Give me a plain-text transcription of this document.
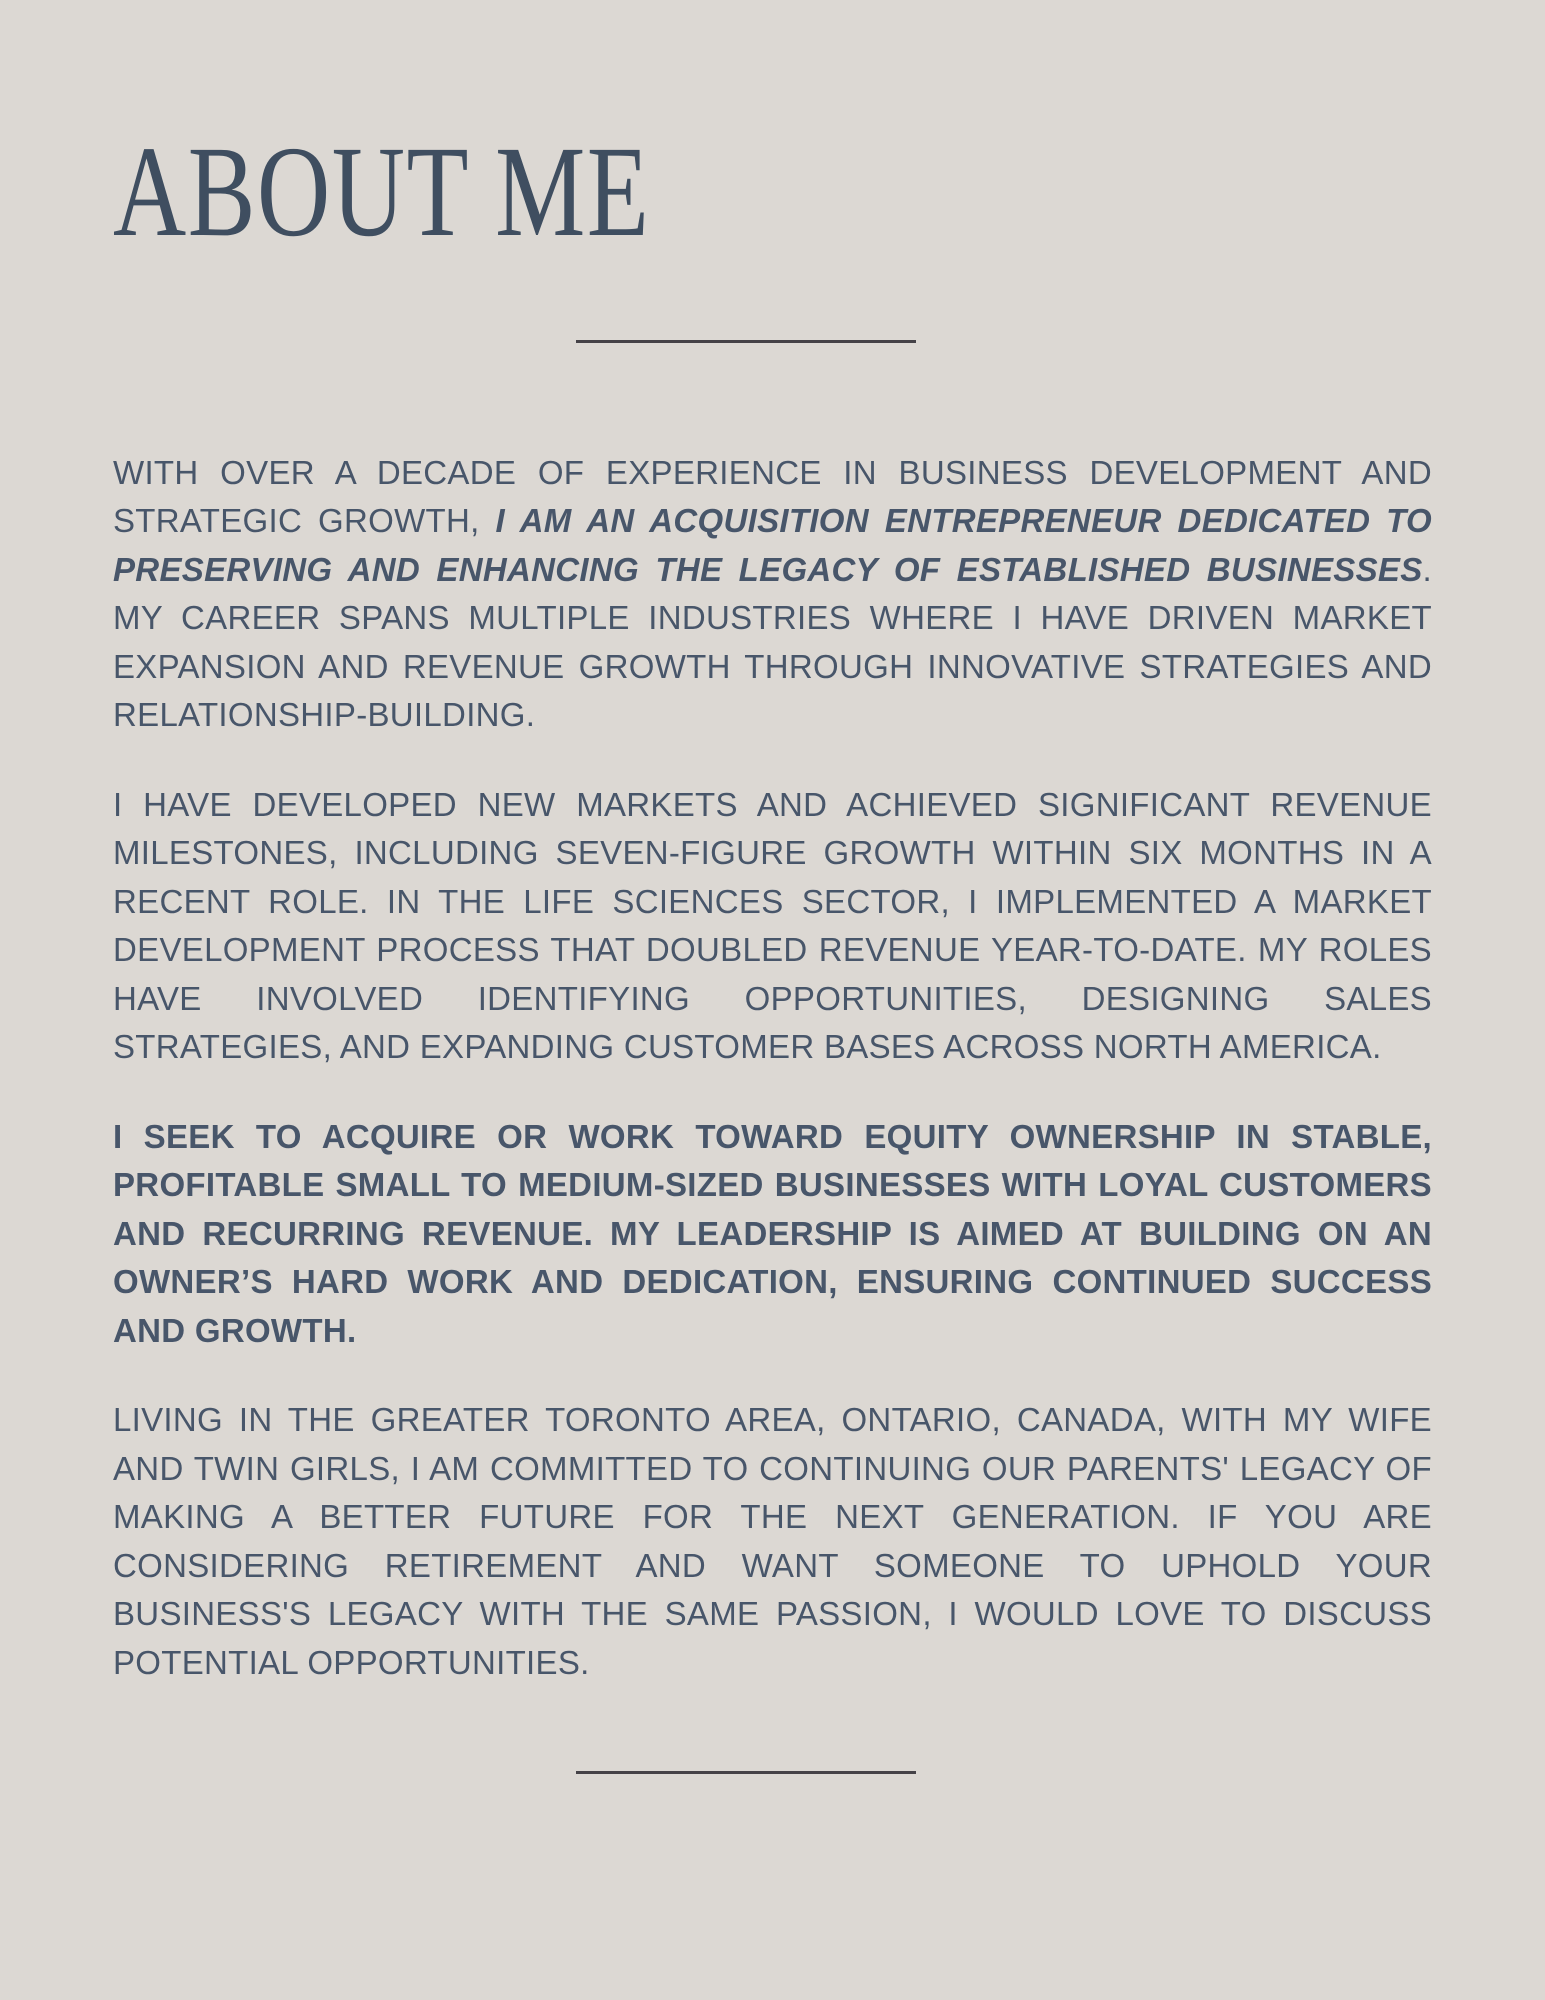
ABOUT ME

WITH OVER A DECADE OF EXPERIENCE IN BUSINESS DEVELOPMENT AND STRATEGIC GROWTH, I AM AN ACQUISITION ENTREPRENEUR DEDICATED TO PRESERVING AND ENHANCING THE LEGACY OF ESTABLISHED BUSINESSES. MY CAREER SPANS MULTIPLE INDUSTRIES WHERE I HAVE DRIVEN MARKET EXPANSION AND REVENUE GROWTH THROUGH INNOVATIVE STRATEGIES AND RELATIONSHIP-BUILDING.

I HAVE DEVELOPED NEW MARKETS AND ACHIEVED SIGNIFICANT REVENUE MILESTONES, INCLUDING SEVEN-FIGURE GROWTH WITHIN SIX MONTHS IN A RECENT ROLE. IN THE LIFE SCIENCES SECTOR, I IMPLEMENTED A MARKET DEVELOPMENT PROCESS THAT DOUBLED REVENUE YEAR-TO-DATE. MY ROLES HAVE INVOLVED IDENTIFYING OPPORTUNITIES, DESIGNING SALES STRATEGIES, AND EXPANDING CUSTOMER BASES ACROSS NORTH AMERICA.

I SEEK TO ACQUIRE OR WORK TOWARD EQUITY OWNERSHIP IN STABLE, PROFITABLE SMALL TO MEDIUM-SIZED BUSINESSES WITH LOYAL CUSTOMERS AND RECURRING REVENUE. MY LEADERSHIP IS AIMED AT BUILDING ON AN OWNER’S HARD WORK AND DEDICATION, ENSURING CONTINUED SUCCESS AND GROWTH.

LIVING IN THE GREATER TORONTO AREA, ONTARIO, CANADA, WITH MY WIFE AND TWIN GIRLS, I AM COMMITTED TO CONTINUING OUR PARENTS' LEGACY OF MAKING A BETTER FUTURE FOR THE NEXT GENERATION. IF YOU ARE CONSIDERING RETIREMENT AND WANT SOMEONE TO UPHOLD YOUR BUSINESS'S LEGACY WITH THE SAME PASSION, I WOULD LOVE TO DISCUSS POTENTIAL OPPORTUNITIES.
